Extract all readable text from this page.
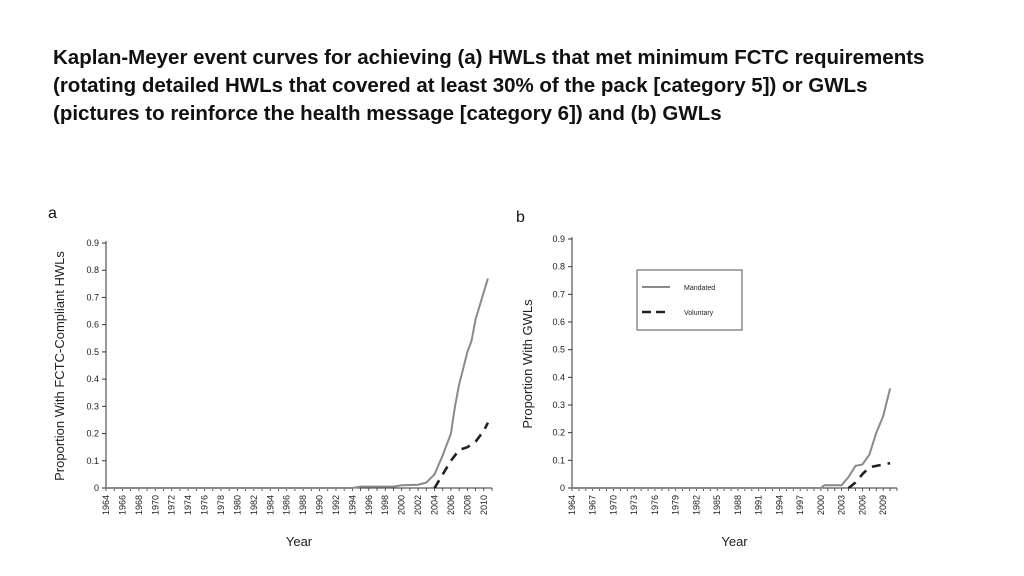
Kaplan-Meyer event curves for achieving (a) HWLs that met minimum FCTC requirements (rotating detailed HWLs that covered at least 30% of the pack [category 5]) or GWLs (pictures to reinforce the health message [category 6]) and (b) GWLs
a
0
0.1
0.2
0.3
0.4
0.5
0.6
0.7
0.8
0.9
1964 1966 1968 1970 1972 1974 1976 1978 1980 1982 1984 1986 1988 1990 1992 1994 1996 1998 2000 2002 2004 2006 2008 2010
Proportion With FCTC-Compliant HWLs
Year
b
0
0.1
0.2
0.3
0.4
0.5
0.6
0.7
0.8
0.9
1964 1967 1970 1973 1976 1979 1982 1985 1988 1991 1994 1997 2000 2003 2006 2009
Proportion With GWLs
Year
Mandated
Voluntary
